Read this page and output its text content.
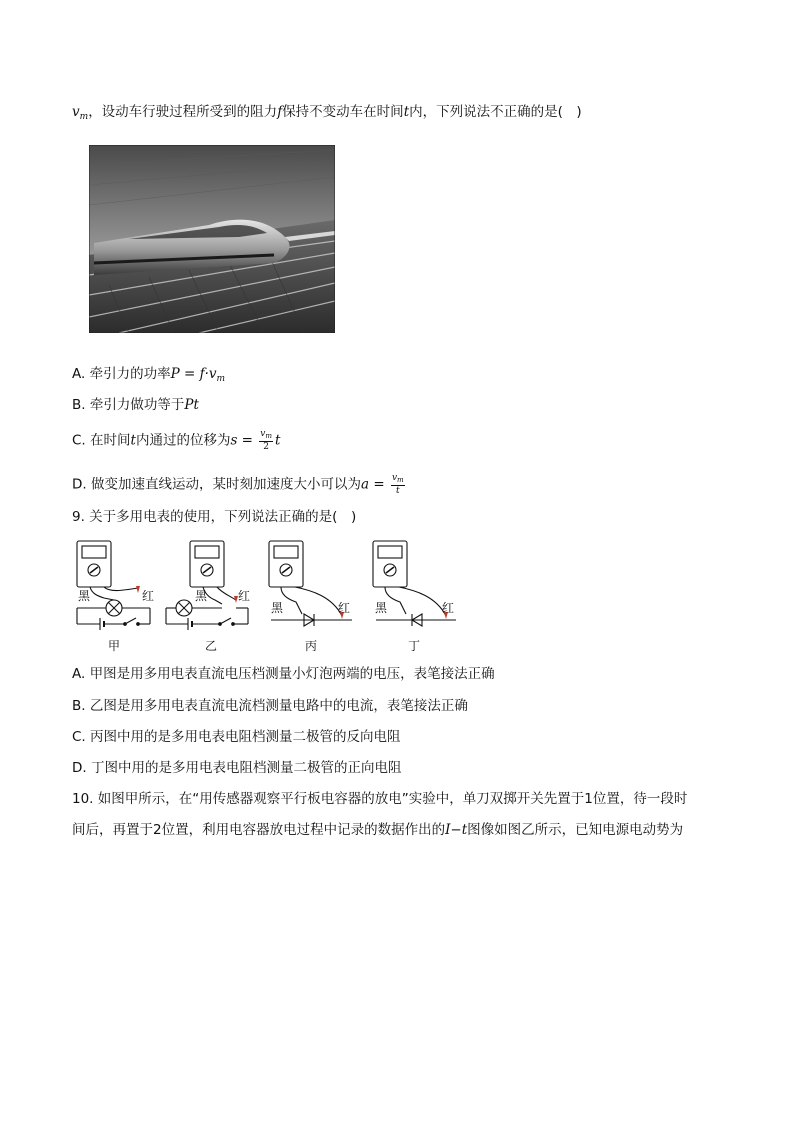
$v_m$，设动车行驶过程所受到的阻力f保持不变动车在时间t内，下列说法不正确的是(　)
A. 牵引力的功率$P = f\cdot v_m$
B. 牵引力做功等于Pt
C. 在时间t内通过的位移为$s = \frac{v_m}{2}$ t
D. 做变加速直线运动，某时刻加速度大小可以为$a = \frac{v_m}{t}$
9. 关于多用电表的使用，下列说法正确的是(　)
黑	红
甲
黑	红
乙
黑	红
丙
黑	红
丁
A. 甲图是用多用电表直流电压档测量小灯泡两端的电压，表笔接法正确
B. 乙图是用多用电表直流电流档测量电路中的电流，表笔接法正确
C. 丙图中用的是多用电表电阻档测量二极管的反向电阻
D. 丁图中用的是多用电表电阻档测量二极管的正向电阻
10. 如图甲所示，在“用传感器观察平行板电容器的放电”实验中，单刀双掷开关先置于1位置，待一段时
间后，再置于2位置，利用电容器放电过程中记录的数据作出的I−t图像如图乙所示，已知电源电动势为
